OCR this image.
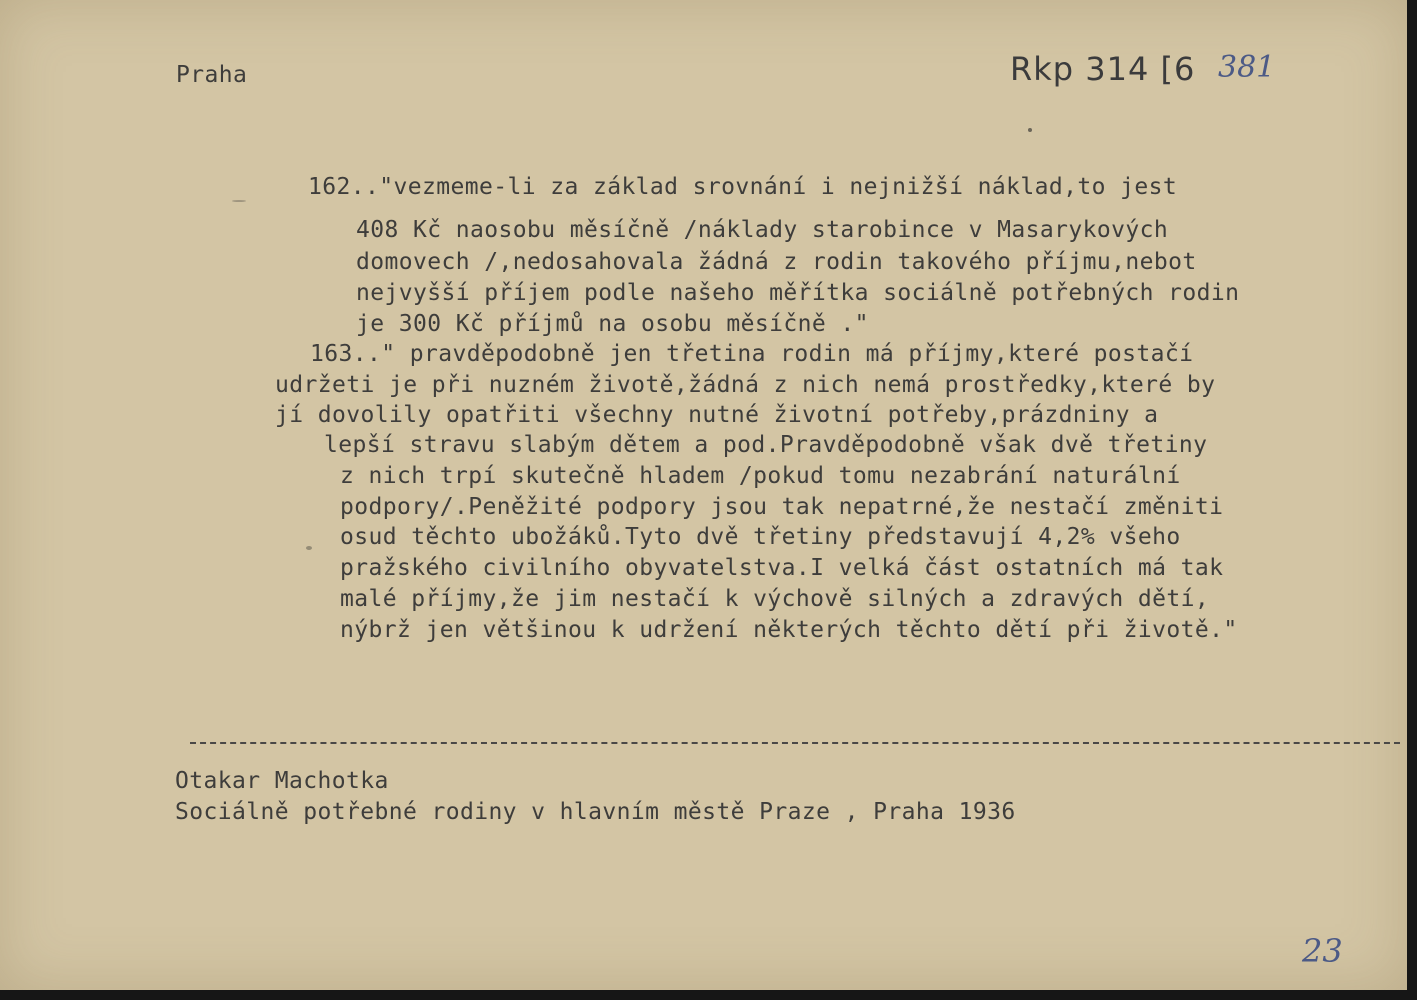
Praha	Rkp 314 [6 381
162.."vezmeme-li za základ srovnání i nejnižší náklad,to jest
408 Kč naosobu měsíčně /náklady starobince v Masarykových
domovech /,nedosahovala žádná z rodin takového příjmu,nebot
nejvyšší příjem podle našeho měřítka sociálně potřebných rodin
je 300 Kč příjmů na osobu měsíčně ."
163.." pravděpodobně jen třetina rodin má příjmy,které postačí
udržeti je při nuzném životě,žádná z nich nemá prostředky,které by
jí dovolily opatřiti všechny nutné životní potřeby,prázdniny a
lepší stravu slabým dětem a pod.Pravděpodobně však dvě třetiny
z nich trpí skutečně hladem /pokud tomu nezabrání naturální
podpory/.Peněžité podpory jsou tak nepatrné,že nestačí změniti
osud těchto ubožáků.Tyto dvě třetiny představují 4,2% všeho
pražského civilního obyvatelstva.I velká část ostatních má tak
malé příjmy,že jim nestačí k výchově silných a zdravých dětí,
nýbrž jen většinou k udržení některých těchto dětí při životě."
Otakar Machotka
Sociálně potřebné rodiny v hlavním městě Praze , Praha 1936
23
